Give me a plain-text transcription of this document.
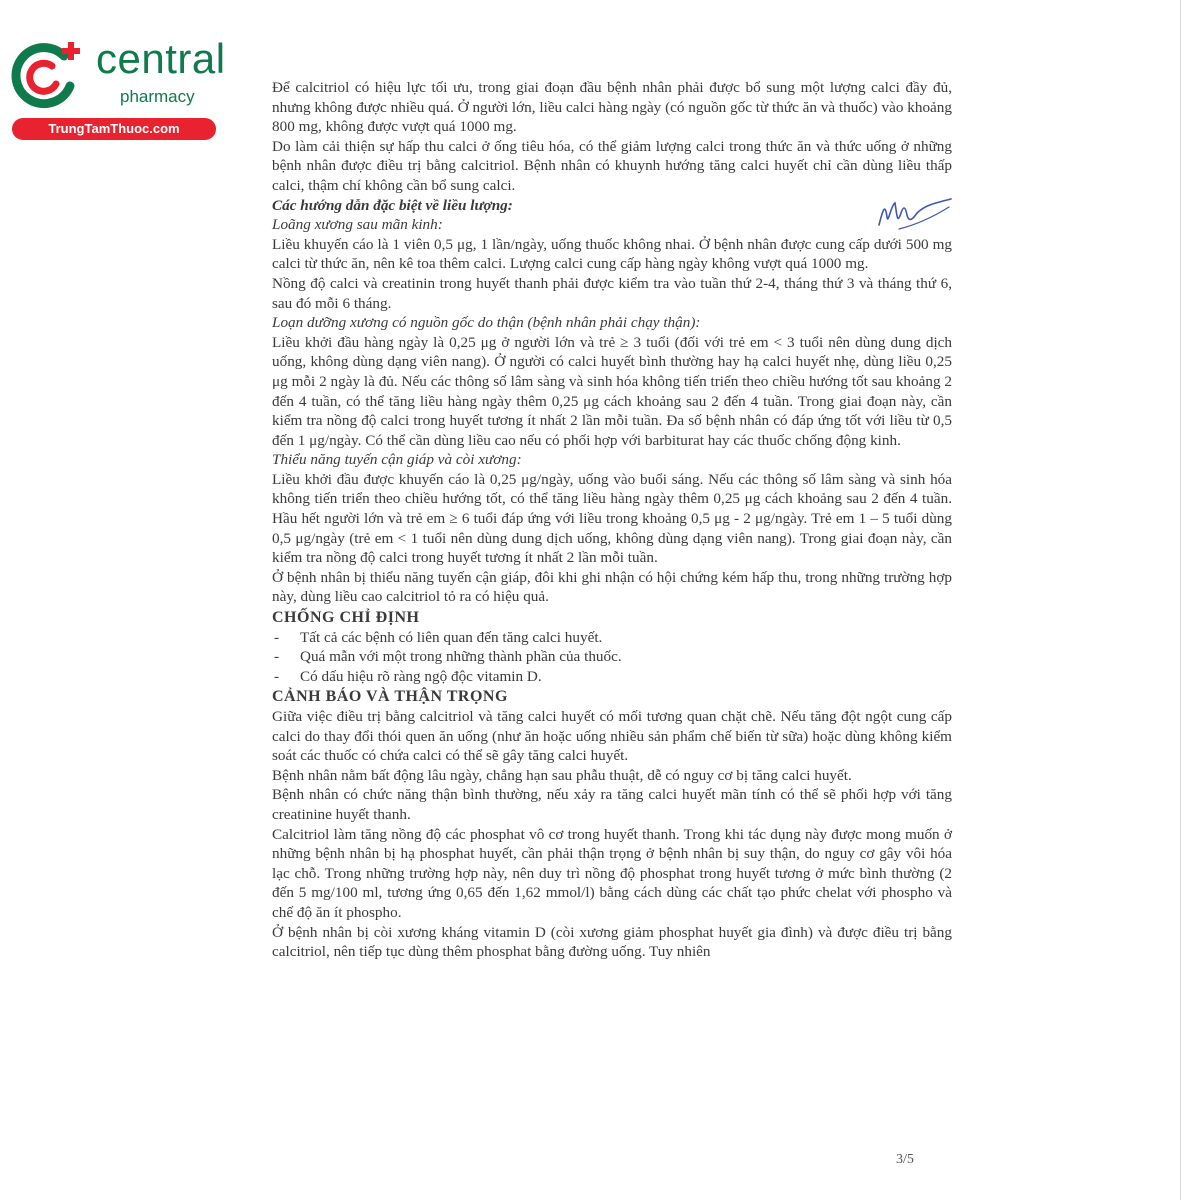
central
pharmacy
TrungTamThuoc.com

Để calcitriol có hiệu lực tối ưu, trong giai đoạn đầu bệnh nhân phải được bổ sung một lượng calci đầy đủ, nhưng không được nhiều quá. Ở người lớn, liều calci hàng ngày (có nguồn gốc từ thức ăn và thuốc) vào khoảng 800 mg, không được vượt quá 1000 mg.

Do làm cải thiện sự hấp thu calci ở ống tiêu hóa, có thể giảm lượng calci trong thức ăn và thức uống ở những bệnh nhân được điều trị bằng calcitriol. Bệnh nhân có khuynh hướng tăng calci huyết chỉ cần dùng liều thấp calci, thậm chí không cần bổ sung calci.

Các hướng dẫn đặc biệt về liều lượng:

Loãng xương sau mãn kinh:

Liều khuyến cáo là 1 viên 0,5 μg, 1 lần/ngày, uống thuốc không nhai. Ở bệnh nhân được cung cấp dưới 500 mg calci từ thức ăn, nên kê toa thêm calci. Lượng calci cung cấp hàng ngày không vượt quá 1000 mg.

Nồng độ calci và creatinin trong huyết thanh phải được kiểm tra vào tuần thứ 2-4, tháng thứ 3 và tháng thứ 6, sau đó mỗi 6 tháng.

Loạn dưỡng xương có nguồn gốc do thận (bệnh nhân phải chạy thận):

Liều khởi đầu hàng ngày là 0,25 μg ở người lớn và trẻ ≥ 3 tuổi (đối với trẻ em < 3 tuổi nên dùng dung dịch uống, không dùng dạng viên nang). Ở người có calci huyết bình thường hay hạ calci huyết nhẹ, dùng liều 0,25 μg mỗi 2 ngày là đủ. Nếu các thông số lâm sàng và sinh hóa không tiến triển theo chiều hướng tốt sau khoảng 2 đến 4 tuần, có thể tăng liều hàng ngày thêm 0,25 μg cách khoảng sau 2 đến 4 tuần. Trong giai đoạn này, cần kiểm tra nồng độ calci trong huyết tương ít nhất 2 lần mỗi tuần. Đa số bệnh nhân có đáp ứng tốt với liều từ 0,5 đến 1 μg/ngày. Có thể cần dùng liều cao nếu có phối hợp với barbiturat hay các thuốc chống động kinh.

Thiểu năng tuyến cận giáp và còi xương:

Liều khởi đầu được khuyến cáo là 0,25 μg/ngày, uống vào buổi sáng. Nếu các thông số lâm sàng và sinh hóa không tiến triển theo chiều hướng tốt, có thể tăng liều hàng ngày thêm 0,25 μg cách khoảng sau 2 đến 4 tuần. Hầu hết người lớn và trẻ em ≥ 6 tuổi đáp ứng với liều trong khoảng 0,5 μg - 2 μg/ngày. Trẻ em 1 – 5 tuổi dùng 0,5 μg/ngày (trẻ em < 1 tuổi nên dùng dung dịch uống, không dùng dạng viên nang). Trong giai đoạn này, cần kiểm tra nồng độ calci trong huyết tương ít nhất 2 lần mỗi tuần.

Ở bệnh nhân bị thiểu năng tuyến cận giáp, đôi khi ghi nhận có hội chứng kém hấp thu, trong những trường hợp này, dùng liều cao calcitriol tỏ ra có hiệu quả.

CHỐNG CHỈ ĐỊNH

- Tất cả các bệnh có liên quan đến tăng calci huyết.
- Quá mẫn với một trong những thành phần của thuốc.
- Có dấu hiệu rõ ràng ngộ độc vitamin D.

CẢNH BÁO VÀ THẬN TRỌNG

Giữa việc điều trị bằng calcitriol và tăng calci huyết có mối tương quan chặt chẽ. Nếu tăng đột ngột cung cấp calci do thay đổi thói quen ăn uống (như ăn hoặc uống nhiều sản phẩm chế biến từ sữa) hoặc dùng không kiểm soát các thuốc có chứa calci có thể sẽ gây tăng calci huyết.

Bệnh nhân nằm bất động lâu ngày, chẳng hạn sau phẫu thuật, dễ có nguy cơ bị tăng calci huyết.

Bệnh nhân có chức năng thận bình thường, nếu xảy ra tăng calci huyết mãn tính có thể sẽ phối hợp với tăng creatinine huyết thanh.

Calcitriol làm tăng nồng độ các phosphat vô cơ trong huyết thanh. Trong khi tác dụng này được mong muốn ở những bệnh nhân bị hạ phosphat huyết, cần phải thận trọng ở bệnh nhân bị suy thận, do nguy cơ gây vôi hóa lạc chỗ. Trong những trường hợp này, nên duy trì nồng độ phosphat trong huyết tương ở mức bình thường (2 đến 5 mg/100 ml, tương ứng 0,65 đến 1,62 mmol/l) bằng cách dùng các chất tạo phức chelat với phospho và chế độ ăn ít phospho.

Ở bệnh nhân bị còi xương kháng vitamin D (còi xương giảm phosphat huyết gia đình) và được điều trị bằng calcitriol, nên tiếp tục dùng thêm phosphat bằng đường uống. Tuy nhiên

3/5
